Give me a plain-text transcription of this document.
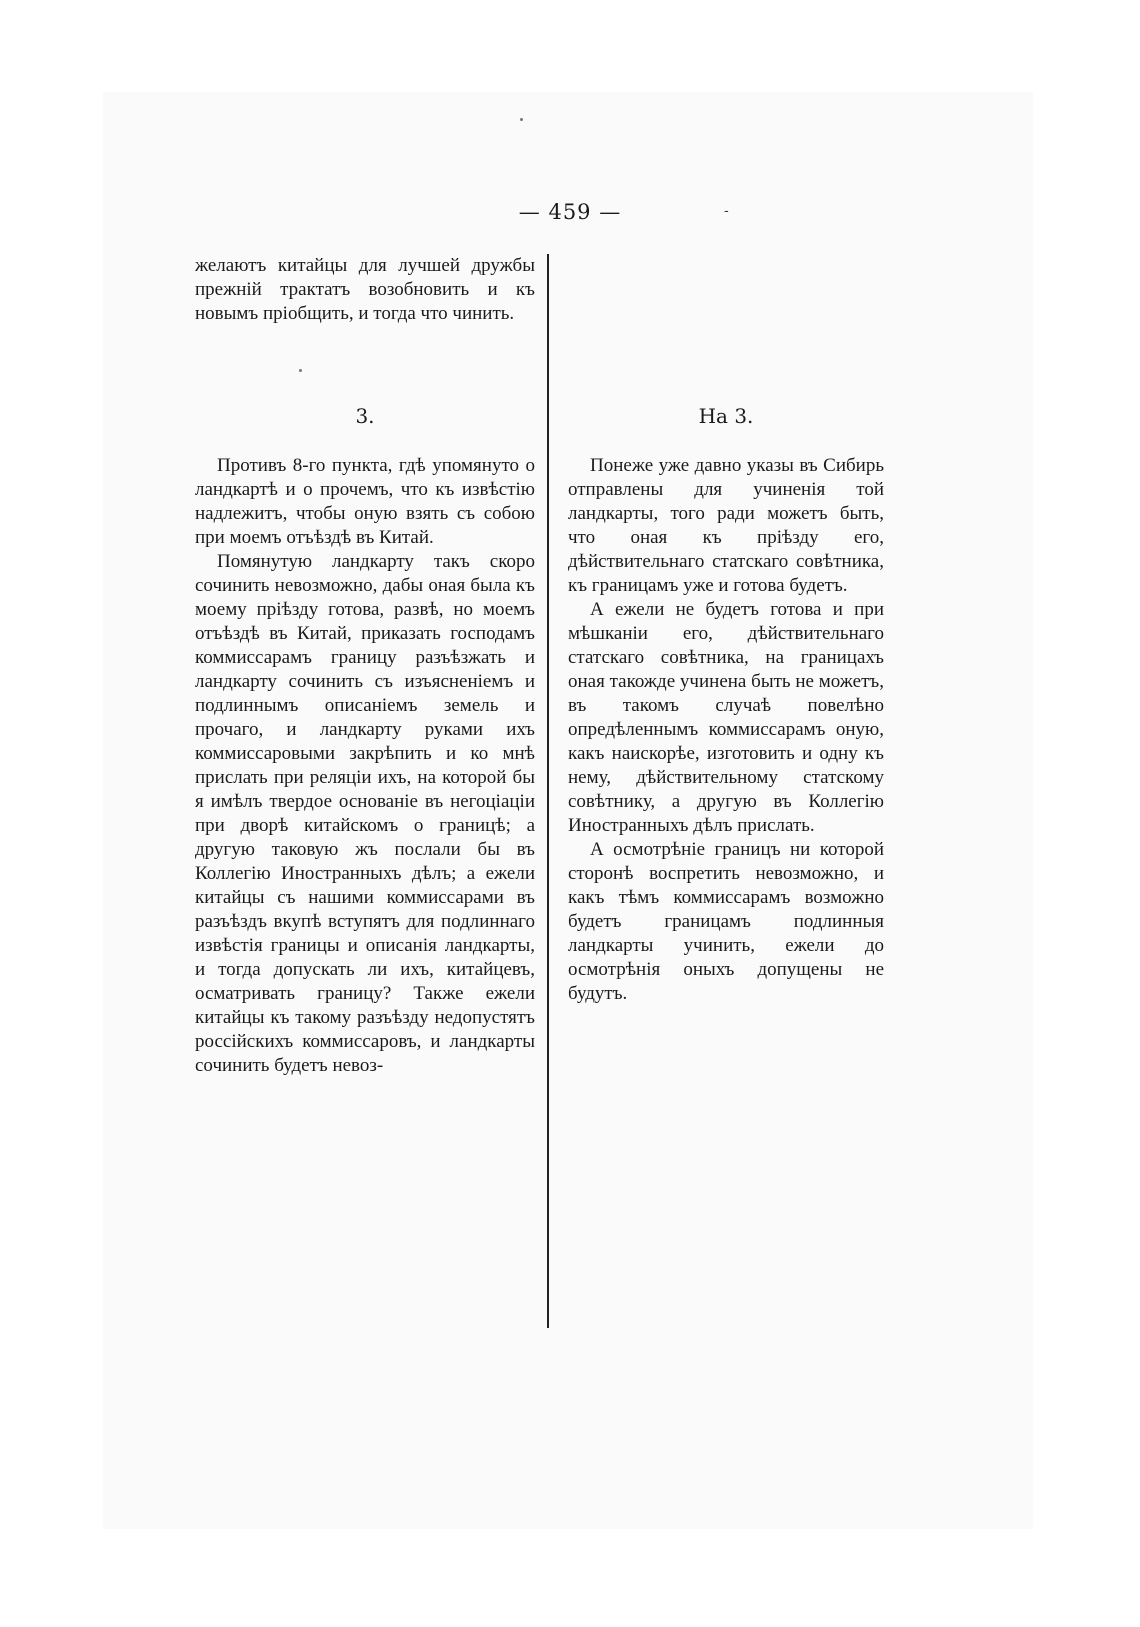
— 459 —	-

желаютъ китайцы для лучшей дружбы прежній трактатъ возобновить и къ новымъ пріобщить, и тогда что чинить.

3.	На 3.

Противъ 8-го пункта, гдѣ упомянуто о ландкартѣ и о прочемъ, что къ извѣстію надлежитъ, чтобы оную взять съ собою при моемъ отъѣздѣ въ Китай.

Помянутую ландкарту такъ скоро сочинить невозможно, дабы оная была къ моему пріѣзду готова, развѣ, но моемъ отъѣздѣ въ Китай, приказать господамъ коммиссарамъ границу разъѣзжать и ландкарту сочинить съ изъясненіемъ и подлиннымъ описаніемъ земель и прочаго, и ландкарту руками ихъ коммиссаровыми закрѣпить и ко мнѣ прислать при реляціи ихъ, на которой бы я имѣлъ твердое основаніе въ негоціаціи при дворѣ китайскомъ о границѣ; а другую таковую жъ послали бы въ Коллегію Иностранныхъ дѣлъ; а ежели китайцы съ нашими коммиссарами въ разъѣздъ вкупѣ вступятъ для подлиннаго извѣстія границы и описанія ландкарты, и тогда допускать ли ихъ, китайцевъ, осматривать границу? Также ежели китайцы къ такому разъѣзду недопустятъ россійскихъ коммиссаровъ, и ландкарты сочинить будетъ невоз-

Понеже уже давно указы въ Сибирь отправлены для учиненія той ландкарты, того ради можетъ быть, что оная къ пріѣзду его, дѣйствительнаго статскаго совѣтника, къ границамъ уже и готова будетъ.

А ежели не будетъ готова и при мѣшканіи его, дѣйствительнаго статскаго совѣтника, на границахъ оная такожде учинена быть не можетъ, въ такомъ случаѣ повелѣно опредѣленнымъ коммиссарамъ оную, какъ наискорѣе, изготовить и одну къ нему, дѣйствительному статскому совѣтнику, а другую въ Коллегію Иностранныхъ дѣлъ прислать.

А осмотрѣніе границъ ни которой сторонѣ воспретить невозможно, и какъ тѣмъ коммиссарамъ возможно будетъ границамъ подлинныя ландкарты учинить, ежели до осмотрѣнія оныхъ допущены не будутъ.
